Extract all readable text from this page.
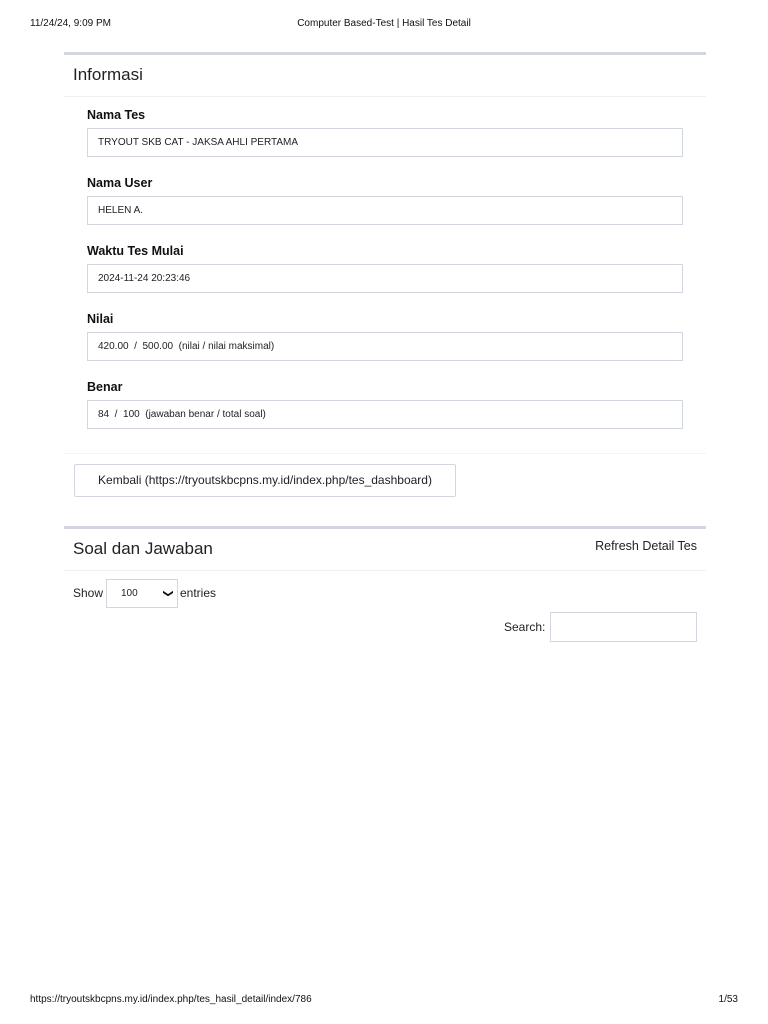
11/24/24, 9:09 PM	Computer Based-Test | Hasil Tes Detail
Informasi
Nama Tes
TRYOUT SKB CAT - JAKSA AHLI PERTAMA
Nama User
HELEN A.
Waktu Tes Mulai
2024-11-24 20:23:46
Nilai
420.00  /  500.00  (nilai / nilai maksimal)
Benar
84  /  100  (jawaban benar / total soal)
Kembali (https://tryoutskbcpns.my.id/index.php/tes_dashboard)
Soal dan Jawaban	Refresh Detail Tes
Show	100	❯ entries
Search:
https://tryoutskbcpns.my.id/index.php/tes_hasil_detail/index/786	1/53
